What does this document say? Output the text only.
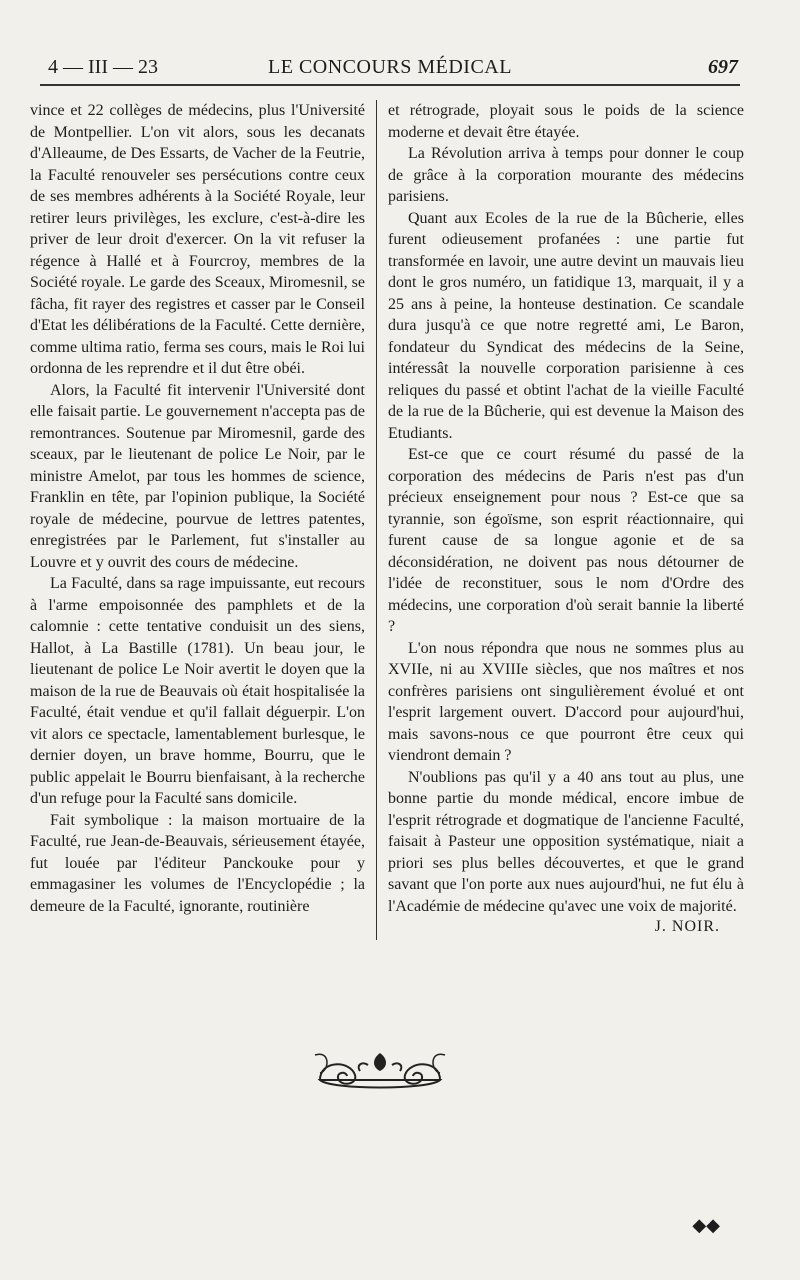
4 — III — 23	LE CONCOURS MÉDICAL	697

vince et 22 collèges de médecins, plus l'Université de Montpellier. L'on vit alors, sous les decanats d'Alleaume, de Des Essarts, de Vacher de la Feutrie, la Faculté renouveler ses persécutions contre ceux de ses membres adhérents à la Société Royale, leur retirer leurs privilèges, les exclure, c'est-à-dire les priver de leur droit d'exercer. On la vit refuser la régence à Hallé et à Fourcroy, membres de la Société royale. Le garde des Sceaux, Miromesnil, se fâcha, fit rayer des registres et casser par le Conseil d'Etat les délibérations de la Faculté. Cette dernière, comme ultima ratio, ferma ses cours, mais le Roi lui ordonna de les reprendre et il dut être obéi.

Alors, la Faculté fit intervenir l'Université dont elle faisait partie. Le gouvernement n'accepta pas de remontrances. Soutenue par Miromesnil, garde des sceaux, par le lieutenant de police Le Noir, par le ministre Amelot, par tous les hommes de science, Franklin en tête, par l'opinion publique, la Société royale de médecine, pourvue de lettres patentes, enregistrées par le Parlement, fut s'installer au Louvre et y ouvrit des cours de médecine.

La Faculté, dans sa rage impuissante, eut recours à l'arme empoisonnée des pamphlets et de la calomnie : cette tentative conduisit un des siens, Hallot, à La Bastille (1781). Un beau jour, le lieutenant de police Le Noir avertit le doyen que la maison de la rue de Beauvais où était hospitalisée la Faculté, était vendue et qu'il fallait déguerpir. L'on vit alors ce spectacle, lamentablement burlesque, le dernier doyen, un brave homme, Bourru, que le public appelait le Bourru bienfaisant, à la recherche d'un refuge pour la Faculté sans domicile.

Fait symbolique : la maison mortuaire de la Faculté, rue Jean-de-Beauvais, sérieusement étayée, fut louée par l'éditeur Panckouke pour y emmagasiner les volumes de l'Encyclopédie ; la demeure de la Faculté, ignorante, routinière

et rétrograde, ployait sous le poids de la science moderne et devait être étayée.

La Révolution arriva à temps pour donner le coup de grâce à la corporation mourante des médecins parisiens.

Quant aux Ecoles de la rue de la Bûcherie, elles furent odieusement profanées : une partie fut transformée en lavoir, une autre devint un mauvais lieu dont le gros numéro, un fatidique 13, marquait, il y a 25 ans à peine, la honteuse destination. Ce scandale dura jusqu'à ce que notre regretté ami, Le Baron, fondateur du Syndicat des médecins de la Seine, intéressât la nouvelle corporation parisienne à ces reliques du passé et obtint l'achat de la vieille Faculté de la rue de la Bûcherie, qui est devenue la Maison des Etudiants.

Est-ce que ce court résumé du passé de la corporation des médecins de Paris n'est pas d'un précieux enseignement pour nous ? Est-ce que sa tyrannie, son égoïsme, son esprit réactionnaire, qui furent cause de sa longue agonie et de sa déconsidération, ne doivent pas nous détourner de l'idée de reconstituer, sous le nom d'Ordre des médecins, une corporation d'où serait bannie la liberté ?

L'on nous répondra que nous ne sommes plus au XVIIe, ni au XVIIIe siècles, que nos maîtres et nos confrères parisiens ont singulièrement évolué et ont l'esprit largement ouvert. D'accord pour aujourd'hui, mais savons-nous ce que pourront être ceux qui viendront demain ?

N'oublions pas qu'il y a 40 ans tout au plus, une bonne partie du monde médical, encore imbue de l'esprit rétrograde et dogmatique de l'ancienne Faculté, faisait à Pasteur une opposition systématique, niait a priori ses plus belles découvertes, et que le grand savant que l'on porte aux nues aujourd'hui, ne fut élu à l'Académie de médecine qu'avec une voix de majorité.

J. NOIR.
◆◆
